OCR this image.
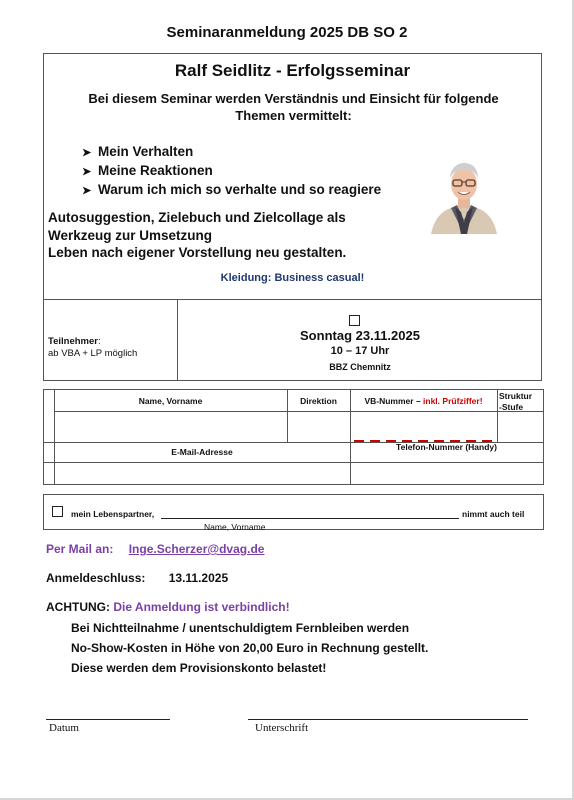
Seminaranmeldung 2025 DB SO 2
Ralf Seidlitz - Erfolgsseminar
Bei diesem Seminar werden Verständnis und Einsicht für folgende Themen vermittelt:
➤ Mein Verhalten
➤ Meine Reaktionen
➤ Warum ich mich so verhalte und so reagiere
Autosuggestion, Zielebuch und Zielcollage als
Werkzeug zur Umsetzung
Leben nach eigener Vorstellung neu gestalten.
Kleidung: Business casual!
Teilnehmer:
ab VBA + LP möglich
Sonntag 23.11.2025
10 – 17 Uhr
BBZ Chemnitz
Name, Vorname	Direktion	VB-Nummer – inkl. Prüfziffer!	Struktur
-Stufe
E-Mail-Adresse	Telefon-Nummer (Handy)
mein Lebenspartner,	nimmt auch teil
Name, Vorname
Per Mail an: Inge.Scherzer@dvag.de
Anmeldeschluss: 13.11.2025
ACHTUNG: Die Anmeldung ist verbindlich!
Bei Nichtteilnahme / unentschuldigtem Fernbleiben werden
No-Show-Kosten in Höhe von 20,00 Euro in Rechnung gestellt.
Diese werden dem Provisionskonto belastet!
Datum	Unterschrift
